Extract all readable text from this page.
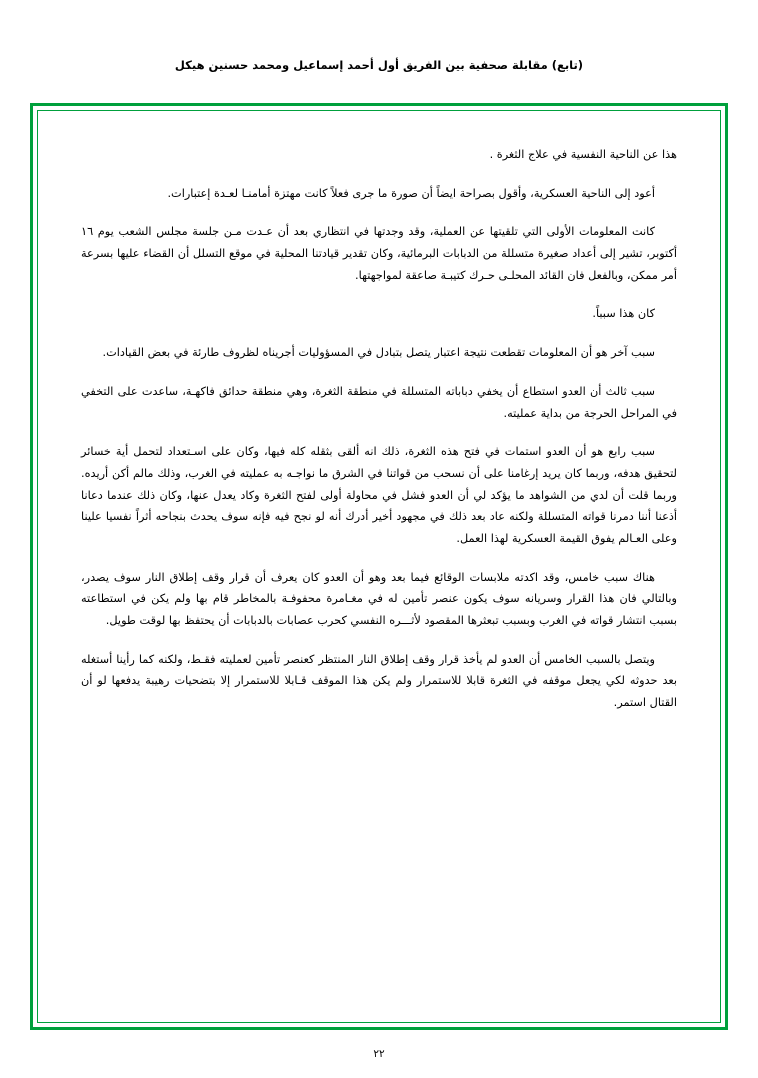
(تابع) مقابلة صحفية بين الفريق أول أحمد إسماعيل ومحمد حسنين هيكل

هذا عن الناحية النفسية في علاج الثغرة .

أعود إلى الناحية العسكرية، وأقول بصراحة ايضاً أن صورة ما جرى فعلاً كانت مهتزة أمامنـا لعـدة إعتبارات.

كانت المعلومات الأولى التي تلقيتها عن العملية، وقد وجدتها في انتظاري بعد أن عـدت مـن جلسة مجلس الشعب يوم ١٦ أكتوبر، تشير إلى أعداد صغيرة متسللة من الدبابات البرمائية، وكان تقدير قيادتنا المحلية في موقع التسلل أن القضاء عليها بسرعة أمر ممكن، وبالفعل فان القائد المحلـى حـرك كتيبـة صاعقة لمواجهتها.

كان هذا سبباً.

سبب آخر هو أن المعلومات تقطعت نتيجة اعتبار يتصل بتبادل في المسؤوليات أجريناه لظروف طارئة في بعض القيادات.

سبب ثالث أن العدو استطاع أن يخفي دباباته المتسللة في منطقة الثغرة، وهي منطقة حدائق فاكهـة، ساعدت على التخفي في المراحل الحرجة من بداية عمليته.

سبب رابع هو أن العدو استمات في فتح هذه الثغرة، ذلك انه ألقى بثقله كله فيها، وكان على اسـتعداد لتحمل أية خسائر لتحقيق هدفه، وربما كان يريد إرغامنا على أن نسحب من قواتنا في الشرق ما نواجـه به عمليته في الغرب، وذلك مالم أكن أريده. وربما قلت أن لدي من الشواهد ما يؤكد لي أن العدو فشل في محاولة أولى لفتح الثغرة وكاد يعدل عنها، وكان ذلك عندما دعانا أذعنا أننا دمرنا قواته المتسللة ولكنه عاد بعد ذلك في مجهود أخير أدرك أنه لو نجح فيه فإنه سوف يحدث بنجاحه أثراً نفسيا علينا وعلى العـالم يفوق القيمة العسكرية لهذا العمل.

هناك سبب خامس، وقد اكدته ملابسات الوقائع فيما بعد وهو أن العدو كان يعرف أن قرار وقف إطلاق النار سوف يصدر، وبالتالي فان هذا القرار وسريانه سوف يكون عنصر تأمين له في مغـامرة محفوفـة بالمخاطر قام بها ولم يكن في استطاعته بسبب انتشار قواته في الغرب وبسبب تبعثرها المقصود لأثـــره النفسي كحرب عصابات بالدبابات أن يحتفظ بها لوقت طويل.

ويتصل بالسبب الخامس أن العدو لم يأخذ قرار وقف إطلاق النار المنتظر كعنصر تأمين لعمليته فقـط، ولكنه كما رأينا أستغله بعد حدوثه لكي يجعل موقفه في الثغرة قابلا للاستمرار ولم يكن هذا الموقف قـابلا للاستمرار إلا بتضحيات رهيبة يدفعها لو أن القتال استمر.

٢٢
